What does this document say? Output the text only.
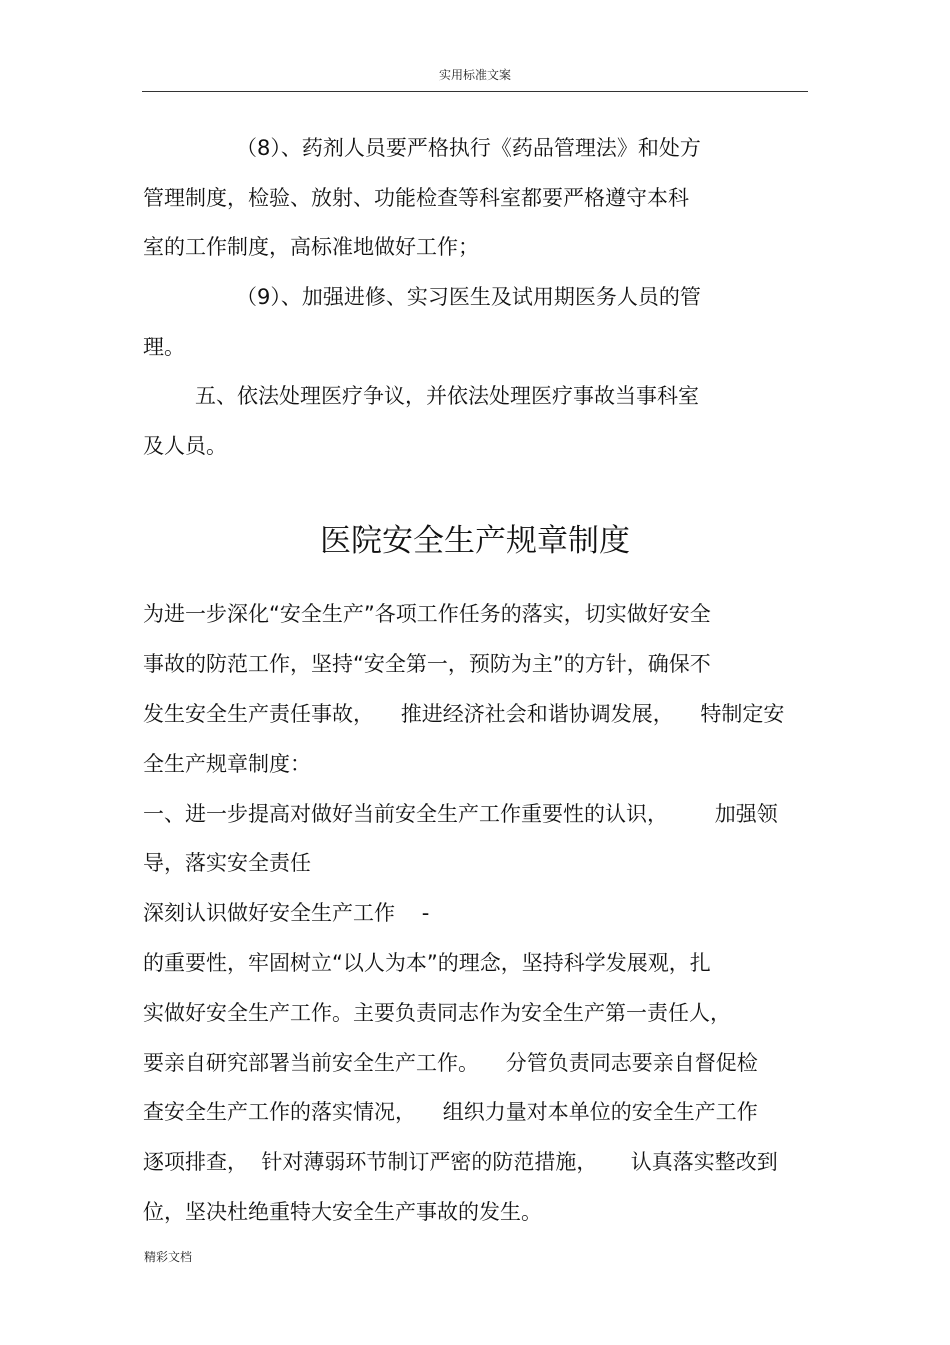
实用标准文案
（8）、药剂人员要严格执行《药品管理法》和处方
管理制度，检验、放射、功能检查等科室都要严格遵守本科
室的工作制度，高标准地做好工作；
（9）、加强进修、实习医生及试用期医务人员的管
理。
五、依法处理医疗争议，并依法处理医疗事故当事科室
及人员。
医院安全生产规章制度
为进一步深化“安全生产”各项工作任务的落实，切实做好安全
事故的防范工作，坚持“安全第一，预防为主”的方针，确保不
发生安全生产责任事故，    推进经济社会和谐协调发展，    特制定安
全生产规章制度：
一、进一步提高对做好当前安全生产工作重要性的认识，       加强领
导，落实安全责任
深刻认识做好安全生产工作    -
的重要性，牢固树立“以人为本”的理念，坚持科学发展观，扎
实做好安全生产工作。主要负责同志作为安全生产第一责任人，
要亲自研究部署当前安全生产工作。    分管负责同志要亲自督促检
查安全生产工作的落实情况，    组织力量对本单位的安全生产工作
逐项排查，  针对薄弱环节制订严密的防范措施，     认真落实整改到
位，坚决杜绝重特大安全生产事故的发生。
精彩文档
